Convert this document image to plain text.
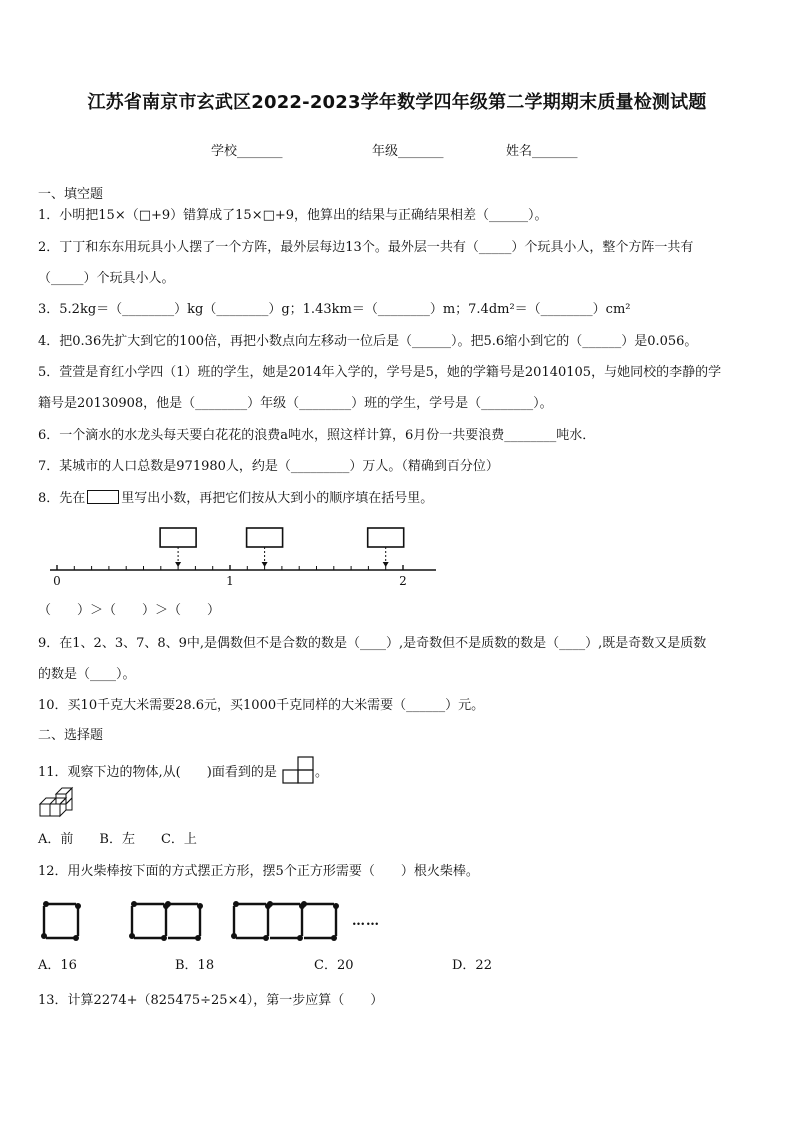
江苏省南京市玄武区2022-2023学年数学四年级第二学期期末质量检测试题
学校_______	年级_______	姓名_______
一、填空题
1．小明把15×（□+9）错算成了15×□+9，他算出的结果与正确结果相差（______）。
2．丁丁和东东用玩具小人摆了一个方阵，最外层每边13个。最外层一共有（_____）个玩具小人，整个方阵一共有
（_____）个玩具小人。
3．5.2kg＝（________）kg（________）g；1.43km＝（________）m；7.4dm²＝（________）cm²
4．把0.36先扩大到它的100倍，再把小数点向左移动一位后是（______）。把5.6缩小到它的（______）是0.056。
5．萱萱是育红小学四（1）班的学生，她是2014年入学的，学号是5，她的学籍号是20140105，与她同校的李静的学
籍号是20130908，他是（________）年级（________）班的学生，学号是（________）。
6．一个滴水的水龙头每天要白花花的浪费a吨水，照这样计算，6月份一共要浪费________吨水．
7．某城市的人口总数是971980人，约是（_________）万人。（精确到百分位）
8．先在	里写出小数，再把它们按从大到小的顺序填在括号里。
0	1	2
（　　）＞（　　）＞（　　）
9．在1、2、3、7、8、9中,是偶数但不是合数的数是（____）,是奇数但不是质数的数是（____）,既是奇数又是质数
的数是（____）。
10．买10千克大米需要28.6元，买1000千克同样的大米需要（______）元。
二、选择题
11．观察下边的物体,从(　　)面看到的是	。
A．前　　B．左　　C．上
12．用火柴棒按下面的方式摆正方形，摆5个正方形需要（　　）根火柴棒。
……
A．16	B．18	C．20	D．22
13．计算2274+（825475÷25×4），第一步应算（　　）
